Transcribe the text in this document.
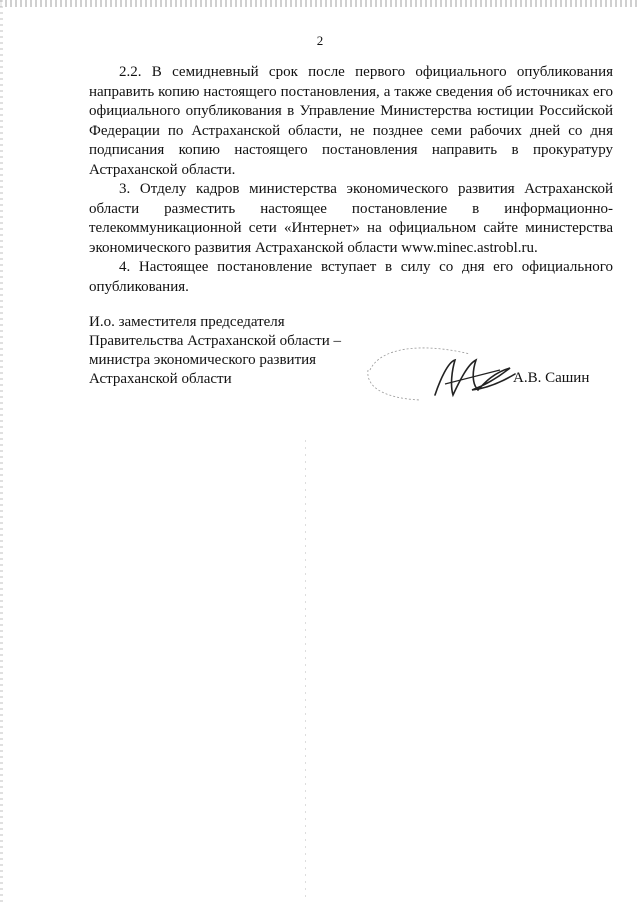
2

2.2. В семидневный срок после первого официального опубликования направить копию настоящего постановления, а также сведения об источниках его официального опубликования в Управление Министерства юстиции Российской Федерации по Астраханской области, не позднее семи рабочих дней со дня подписания копию настоящего постановления направить в прокуратуру Астраханской области.

3. Отделу кадров министерства экономического развития Астраханской области разместить настоящее постановление в информационно-телекоммуникационной сети «Интернет» на официальном сайте министерства экономического развития Астраханской области www.minec.astrobl.ru.

4. Настоящее постановление вступает в силу со дня его официального опубликования.

И.о. заместителя председателя
Правительства Астраханской области –
министра экономического развития
Астраханской области	А.В. Сашин
